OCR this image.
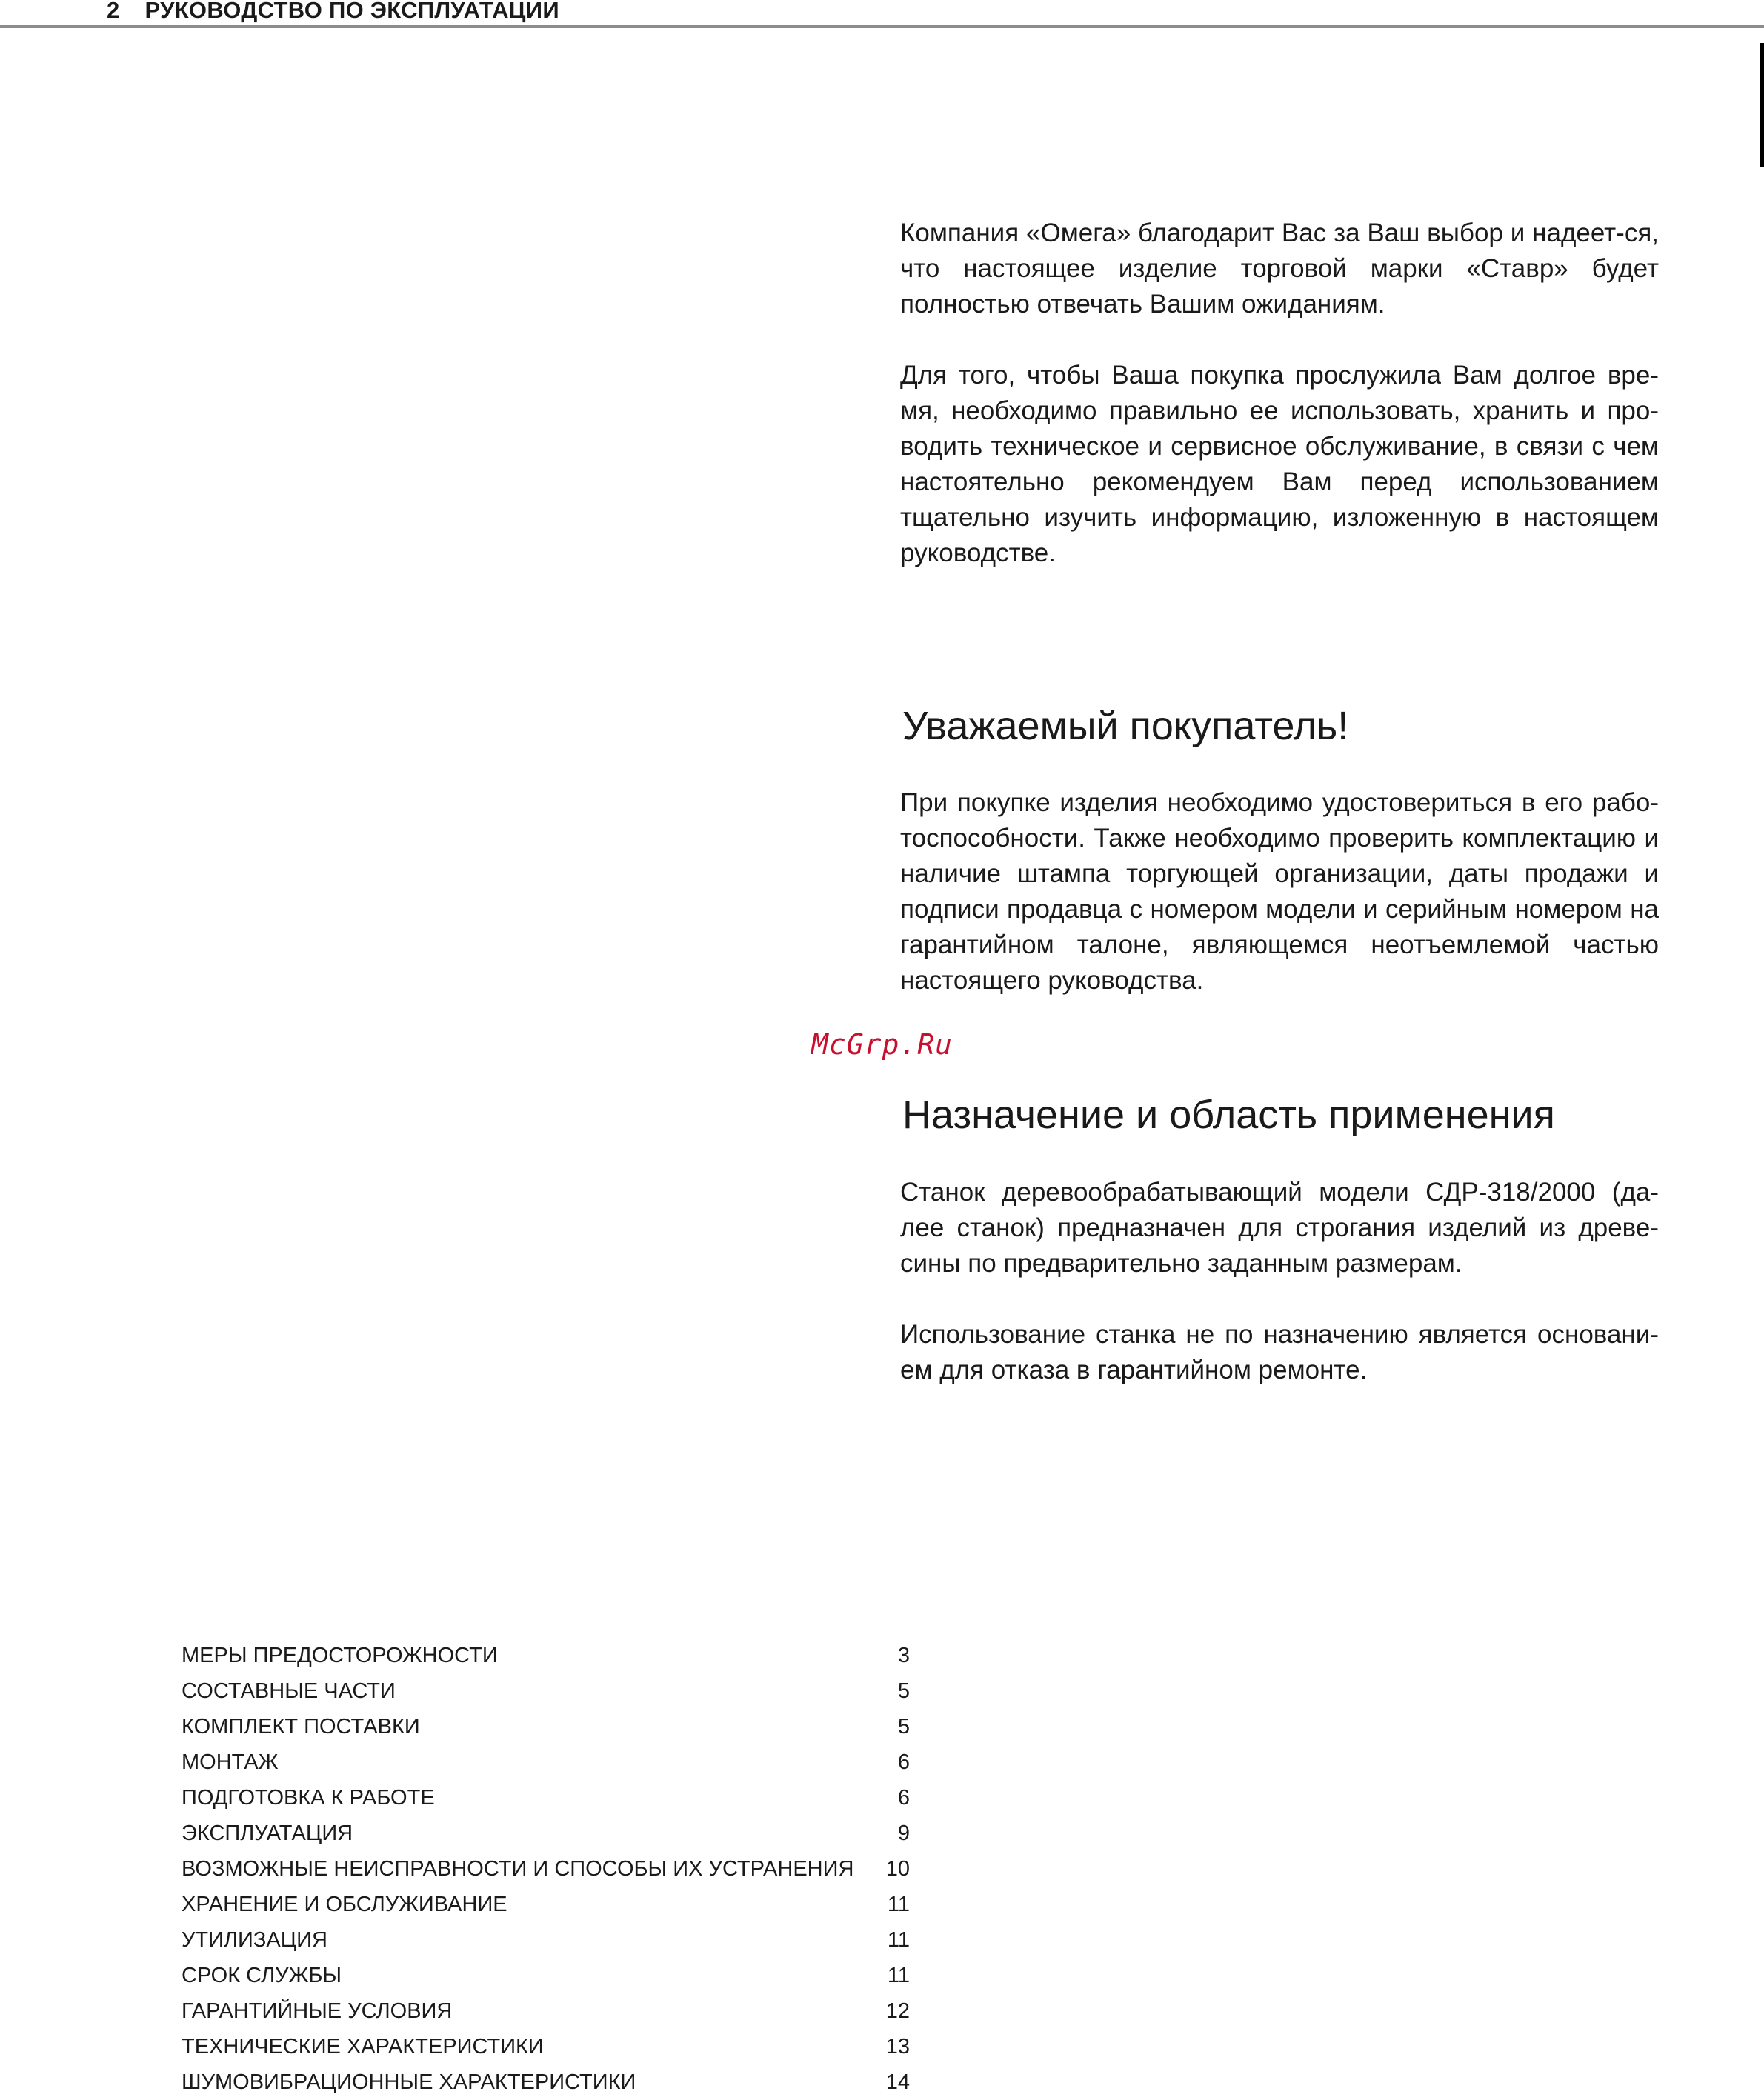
2 РУКОВОДСТВО ПО ЭКСПЛУАТАЦИИ

Компания «Омега» благодарит Вас за Ваш выбор и надеет-ся, что настоящее изделие торговой марки «Ставр» будет полностью отвечать Вашим ожиданиям.

Для того, чтобы Ваша покупка прослужила Вам долгое вре-мя, необходимо правильно ее использовать, хранить и про-водить техническое и сервисное обслуживание, в связи с чем настоятельно рекомендуем Вам перед использованием тщательно изучить информацию, изложенную в настоящем руководстве.

Уважаемый покупатель!

При покупке изделия необходимо удостовериться в его рабо-тоспособности. Также необходимо проверить комплектацию и наличие штампа торгующей организации, даты продажи и подписи продавца с номером модели и серийным номером на гарантийном талоне, являющемся неотъемлемой частью настоящего руководства.

McGrp.Ru
Назначение и область применения

Станок деревообрабатывающий модели СДР-318/2000 (да-лее станок) предназначен для строгания изделий из древе-сины по предварительно заданным размерам.

Использование станка не по назначению является основани-ем для отказа в гарантийном ремонте.

МЕРЫ ПРЕДОСТОРОЖНОСТИ	3
СОСТАВНЫЕ ЧАСТИ	5
КОМПЛЕКТ ПОСТАВКИ	5
МОНТАЖ	6
ПОДГОТОВКА К РАБОТЕ	6
ЭКСПЛУАТАЦИЯ	9
ВОЗМОЖНЫЕ НЕИСПРАВНОСТИ И СПОСОБЫ ИХ УСТРАНЕНИЯ 10
ХРАНЕНИЕ И ОБСЛУЖИВАНИЕ	11
УТИЛИЗАЦИЯ	11
СРОК СЛУЖБЫ	11
ГАРАНТИЙНЫЕ УСЛОВИЯ	12
ТЕХНИЧЕСКИЕ ХАРАКТЕРИСТИКИ	13
ШУМОВИБРАЦИОННЫЕ ХАРАКТЕРИСТИКИ	14
